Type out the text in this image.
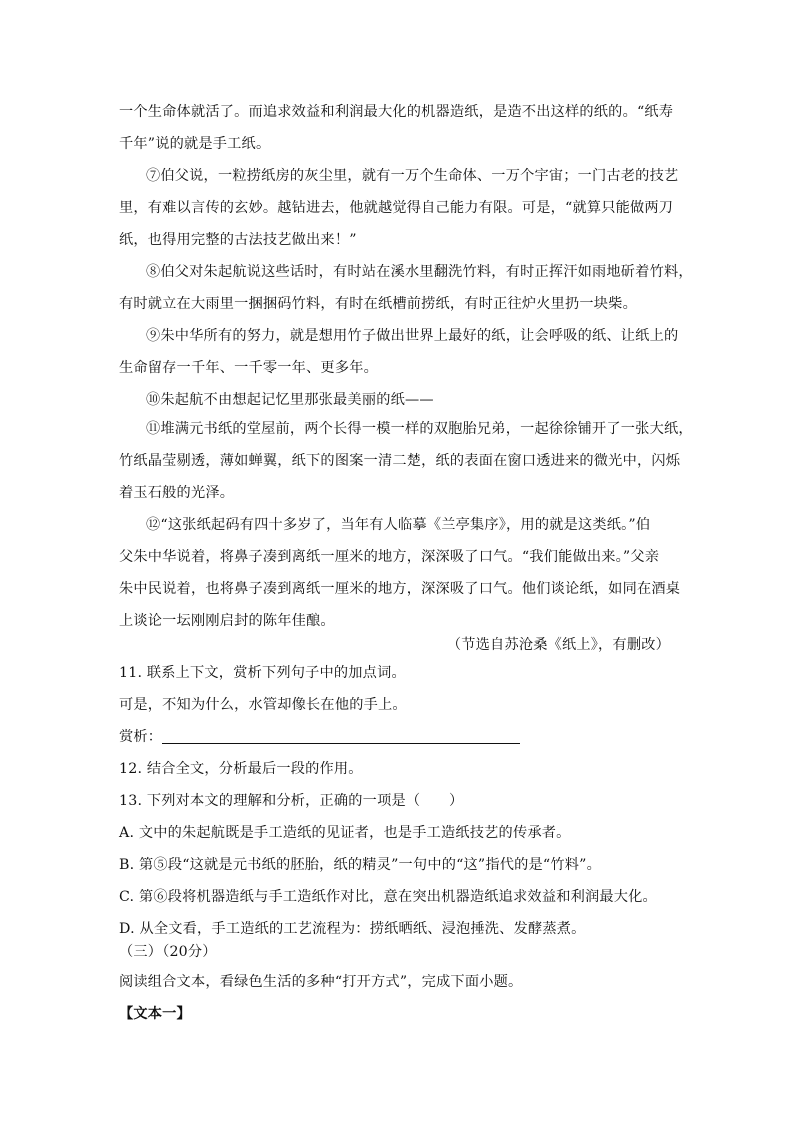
一个生命体就活了。而追求效益和利润最大化的机器造纸，是造不出这样的纸的。“纸寿
千年”说的就是手工纸。
⑦伯父说，一粒捞纸房的灰尘里，就有一万个生命体、一万个宇宙；一门古老的技艺
里，有难以言传的玄妙。越钻进去，他就越觉得自己能力有限。可是，“就算只能做两刀
纸，也得用完整的古法技艺做出来！”
⑧伯父对朱起航说这些话时，有时站在溪水里翻洗竹料，有时正挥汗如雨地斫着竹料，
有时就立在大雨里一捆捆码竹料，有时在纸槽前捞纸，有时正往炉火里扔一块柴。
⑨朱中华所有的努力，就是想用竹子做出世界上最好的纸，让会呼吸的纸、让纸上的
生命留存一千年、一千零一年、更多年。
⑩朱起航不由想起记忆里那张最美丽的纸——
⑪堆满元书纸的堂屋前，两个长得一模一样的双胞胎兄弟，一起徐徐铺开了一张大纸，
竹纸晶莹剔透，薄如蝉翼，纸下的图案一清二楚，纸的表面在窗口透进来的微光中，闪烁
着玉石般的光泽。
⑫“这张纸起码有四十多岁了，当年有人临摹《兰亭集序》，用的就是这类纸。”伯
父朱中华说着，将鼻子凑到离纸一厘米的地方，深深吸了口气。“我们能做出来。”父亲
朱中民说着，也将鼻子凑到离纸一厘米的地方，深深吸了口气。他们谈论纸，如同在酒桌
上谈论一坛刚刚启封的陈年佳酿。
（节选自苏沧桑《纸上》，有删改）
11. 联系上下文，赏析下列句子中的加点词。
可是，不知为什么，水管却像长在他的手上。
赏析：
12. 结合全文，分析最后一段的作用。
13. 下列对本文的理解和分析，正确的一项是（　　）
A. 文中的朱起航既是手工造纸的见证者，也是手工造纸技艺的传承者。
B. 第⑤段“这就是元书纸的胚胎，纸的精灵”一句中的“这”指代的是“竹料”。
C. 第⑥段将机器造纸与手工造纸作对比，意在突出机器造纸追求效益和利润最大化。
D. 从全文看，手工造纸的工艺流程为：捞纸晒纸、浸泡捶洗、发酵蒸煮。
（三）（20分）
阅读组合文本，看绿色生活的多种“打开方式”，完成下面小题。
【文本一】
